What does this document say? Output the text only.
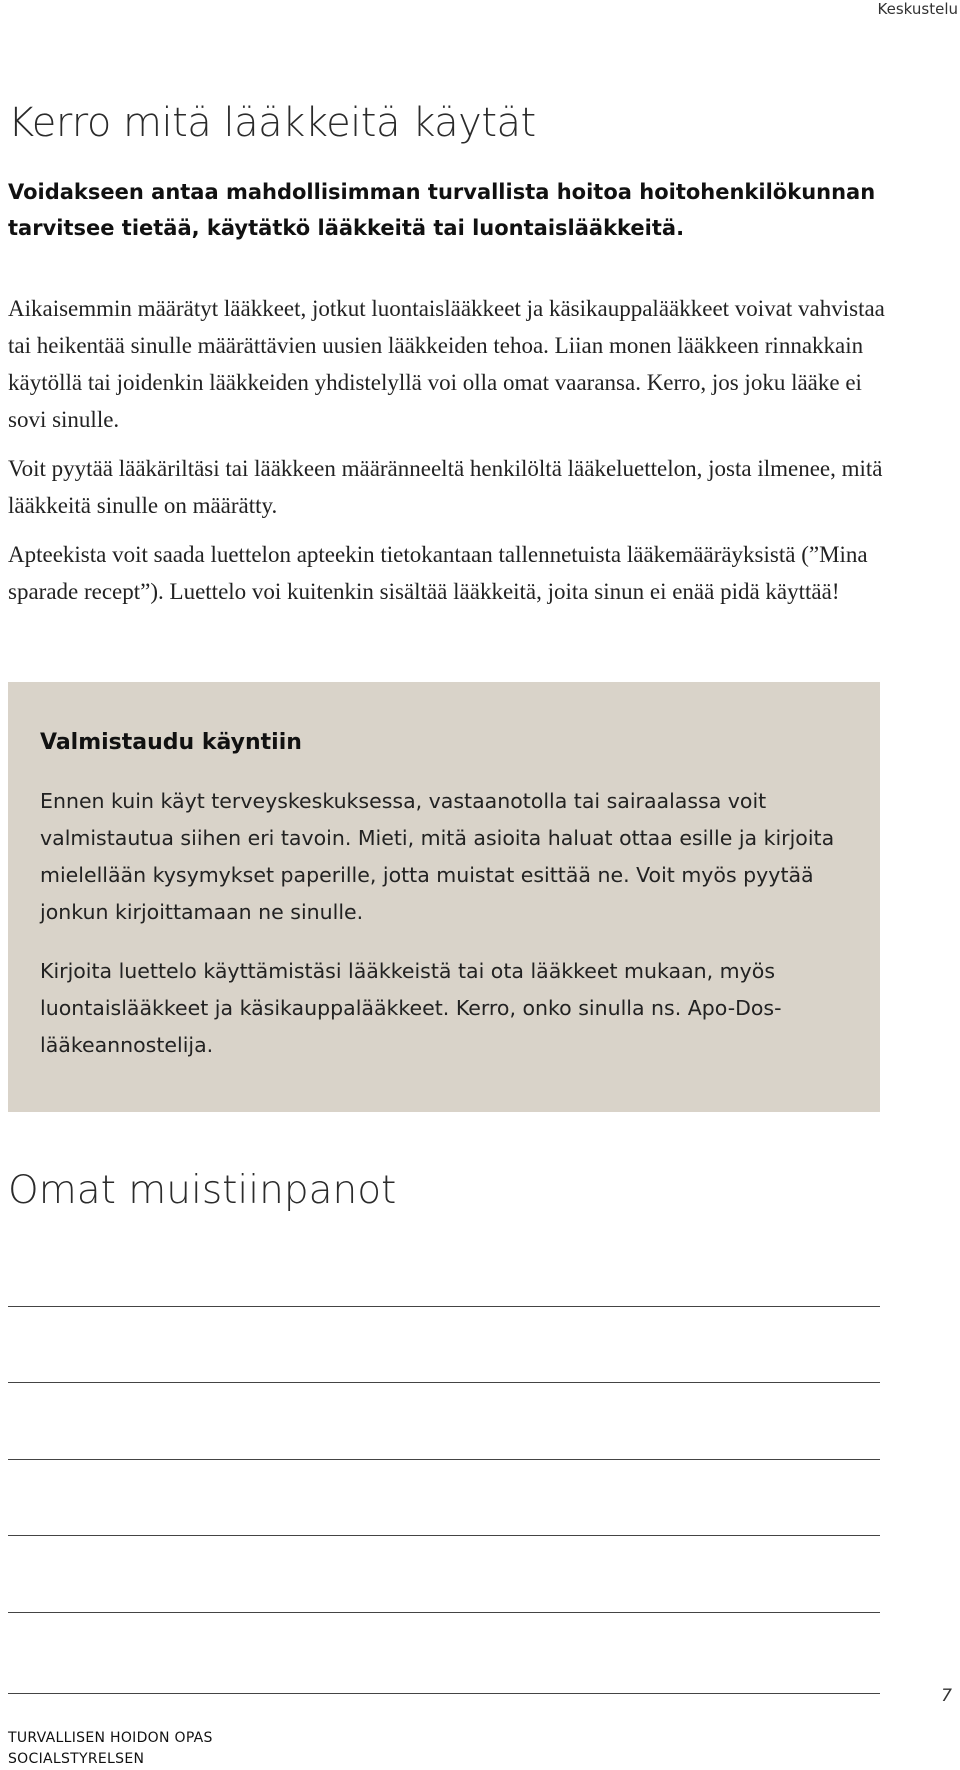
Keskustelu
Kerro mitä lääkkeitä käytät

Voidakseen antaa mahdollisimman turvallista hoitoa hoitohenkilökunnan tarvitsee tietää, käytätkö lääkkeitä tai luontaislääkkeitä.

Aikaisemmin määrätyt lääkkeet, jotkut luontaislääkkeet ja käsikauppalääkkeet voivat vahvistaa tai heikentää sinulle määrättävien uusien lääkkeiden tehoa. Liian monen lääkkeen rinnakkain käytöllä tai joidenkin lääkkeiden yhdistelyllä voi olla omat vaaransa. Kerro, jos joku lääke ei sovi sinulle.

Voit pyytää lääkäriltäsi tai lääkkeen määränneeltä henkilöltä lääkeluettelon, josta ilmenee, mitä lääkkeitä sinulle on määrätty.

Apteekista voit saada luettelon apteekin tietokantaan tallennetuista lääkemääräyksistä (”Mina sparade recept”). Luettelo voi kuitenkin sisältää lääkkeitä, joita sinun ei enää pidä käyttää!

Valmistaudu käyntiin

Ennen kuin käyt terveyskeskuksessa, vastaanotolla tai sairaalassa voit valmistautua siihen eri tavoin. Mieti, mitä asioita haluat ottaa esille ja kirjoita mielellään kysymykset paperille, jotta muistat esittää ne. Voit myös pyytää jonkun kirjoittamaan ne sinulle.

Kirjoita luettelo käyttämistäsi lääkkeistä tai ota lääkkeet mukaan, myös luontaislääkkeet ja käsikauppalääkkeet. Kerro, onko sinulla ns. Apo-Dos-lääkeannostelija.

Omat muistiinpanot
7
TURVALLISEN HOIDON OPAS
SOCIALSTYRELSEN
